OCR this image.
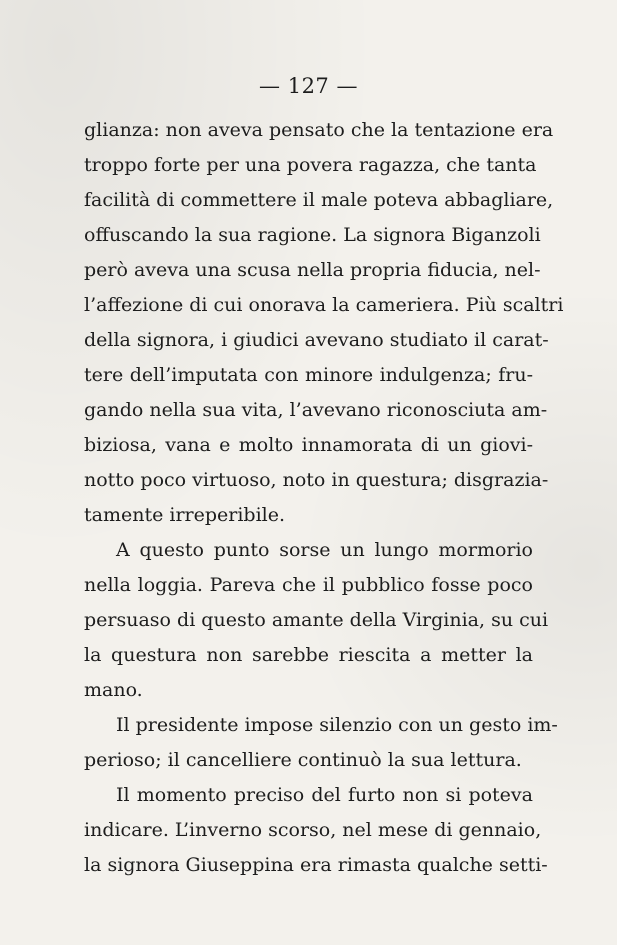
— 127 —
glianza: non aveva pensato che la tentazione era
troppo forte per una povera ragazza, che tanta
facilità di commettere il male poteva abbagliare,
offuscando la sua ragione. La signora Biganzoli
però aveva una scusa nella propria fiducia, nel-
l’affezione di cui onorava la cameriera. Più scaltri
della signora, i giudici avevano studiato il carat-
tere dell’imputata con minore indulgenza; fru-
gando nella sua vita, l’avevano riconosciuta am-
biziosa, vana e molto innamorata di un giovi-
notto poco virtuoso, noto in questura; disgrazia-
tamente irreperibile.
A questo punto sorse un lungo mormorio
nella loggia. Pareva che il pubblico fosse poco
persuaso di questo amante della Virginia, su cui
la questura non sarebbe riescita a metter la
mano.
Il presidente impose silenzio con un gesto im-
perioso; il cancelliere continuò la sua lettura.
Il momento preciso del furto non si poteva
indicare. L’inverno scorso, nel mese di gennaio,
la signora Giuseppina era rimasta qualche setti-
